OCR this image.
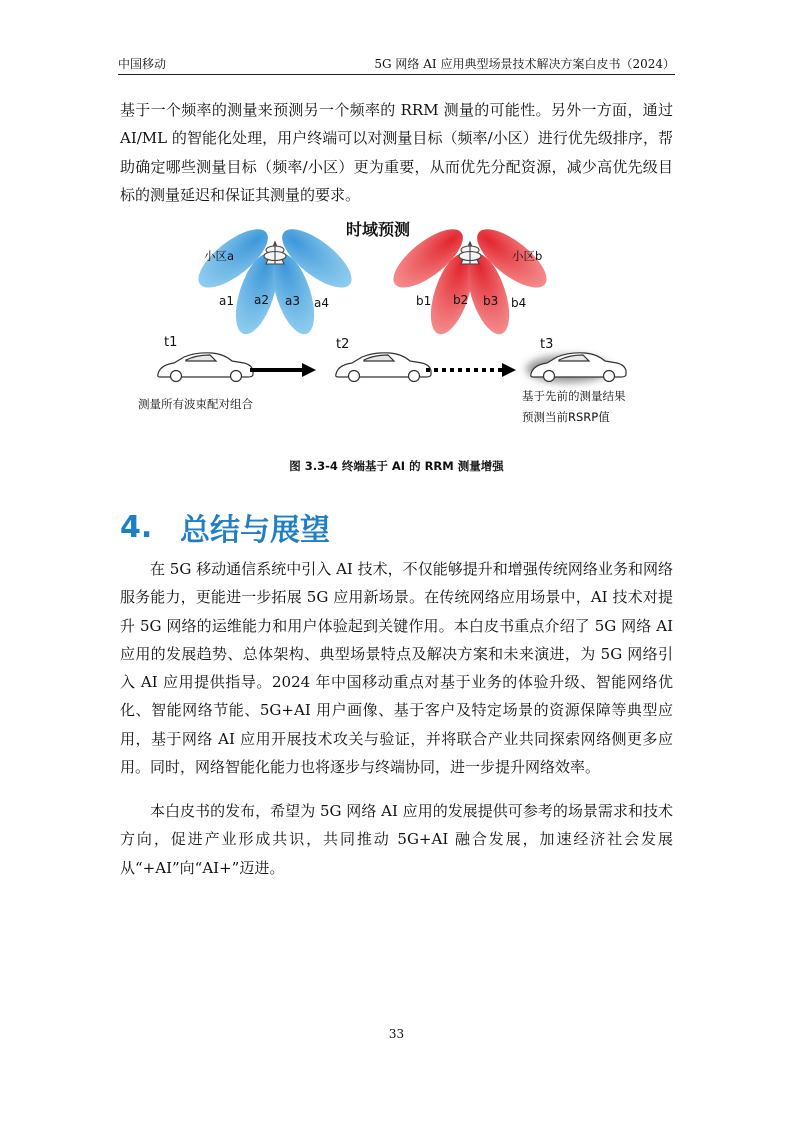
中国移动	5G 网络 AI 应用典型场景技术解决方案白皮书（2024）

基于一个频率的测量来预测另一个频率的 RRM 测量的可能性。另外一方面，通过 AI/ML 的智能化处理，用户终端可以对测量目标（频率/小区）进行优先级排序，帮助确定哪些测量目标（频率/小区）更为重要，从而优先分配资源，减少高优先级目标的测量延迟和保证其测量的要求。

时域预测
小区a	小区b
a1 a2 a3 a4	b1 b2 b3 b4
t1	t2	t3
测量所有波束配对组合
基于先前的测量结果
预测当前RSRP值
图 3.3-4 终端基于 AI 的 RRM 测量增强
4. 总结与展望

在 5G 移动通信系统中引入 AI 技术，不仅能够提升和增强传统网络业务和网络服务能力，更能进一步拓展 5G 应用新场景。在传统网络应用场景中，AI 技术对提升 5G 网络的运维能力和用户体验起到关键作用。本白皮书重点介绍了 5G 网络 AI 应用的发展趋势、总体架构、典型场景特点及解决方案和未来演进，为 5G 网络引入 AI 应用提供指导。2024 年中国移动重点对基于业务的体验升级、智能网络优化、智能网络节能、5G+AI 用户画像、基于客户及特定场景的资源保障等典型应用，基于网络 AI 应用开展技术攻关与验证，并将联合产业共同探索网络侧更多应用。同时，网络智能化能力也将逐步与终端协同，进一步提升网络效率。

本白皮书的发布，希望为 5G 网络 AI 应用的发展提供可参考的场景需求和技术方向，促进产业形成共识，共同推动 5G+AI 融合发展，加速经济社会发展从“+AI”向“AI+”迈进。

33
